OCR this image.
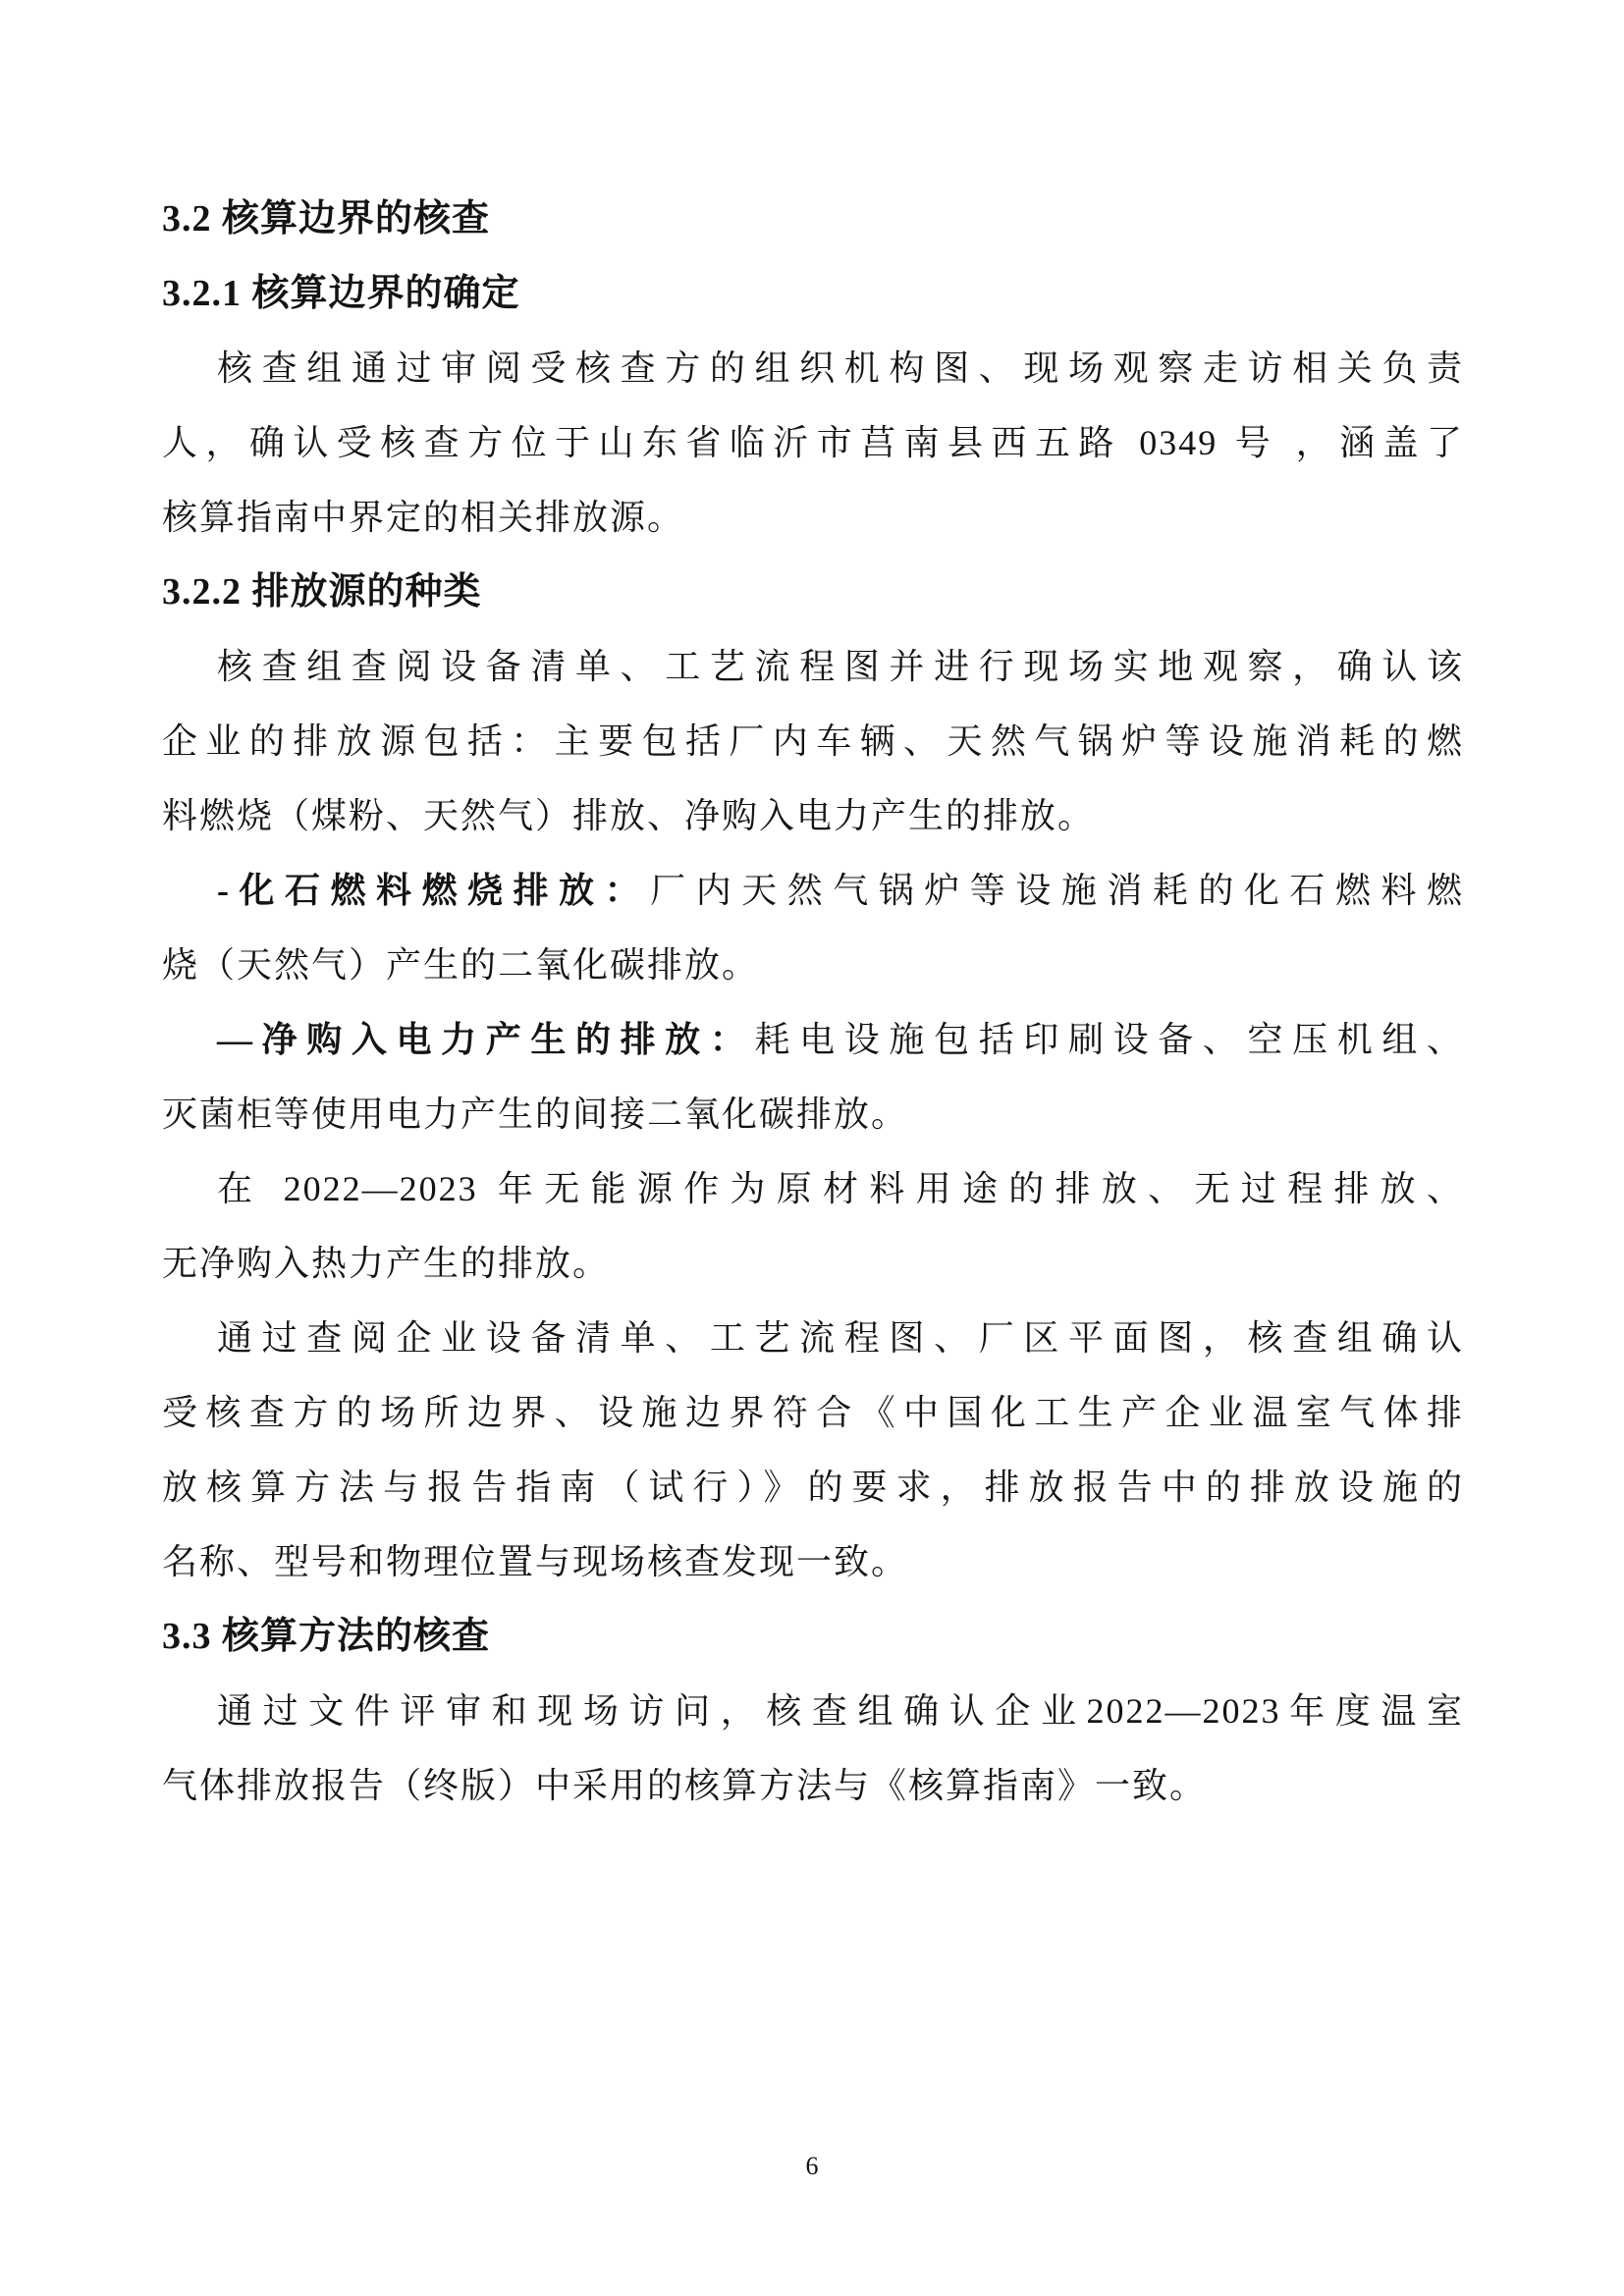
3.2 核算边界的核查
3.2.1 核算边界的确定
核查组通过审阅受核查方的组织机构图、现场观察走访相关负责
人，确认受核查方位于山东省临沂市莒南县西五路 0349 号 ，涵盖了
核算指南中界定的相关排放源。
3.2.2 排放源的种类
核查组查阅设备清单、工艺流程图并进行现场实地观察，确认该
企业的排放源包括：主要包括厂内车辆、天然气锅炉等设施消耗的燃
料燃烧（煤粉、天然气）排放、净购入电力产生的排放。
-化石燃料燃烧排放：厂内天然气锅炉等设施消耗的化石燃料燃
烧（天然气）产生的二氧化碳排放。
—净购入电力产生的排放：耗电设施包括印刷设备、空压机组、
灭菌柜等使用电力产生的间接二氧化碳排放。
在 2022—2023 年无能源作为原材料用途的排放、无过程排放、
无净购入热力产生的排放。
通过查阅企业设备清单、工艺流程图、厂区平面图，核查组确认
受核查方的场所边界、设施边界符合《中国化工生产企业温室气体排
放核算方法与报告指南（试行）》的要求，排放报告中的排放设施的
名称、型号和物理位置与现场核查发现一致。
3.3 核算方法的核查
通过文件评审和现场访问，核查组确认企业2022—2023年度温室
气体排放报告（终版）中采用的核算方法与《核算指南》一致。
6
